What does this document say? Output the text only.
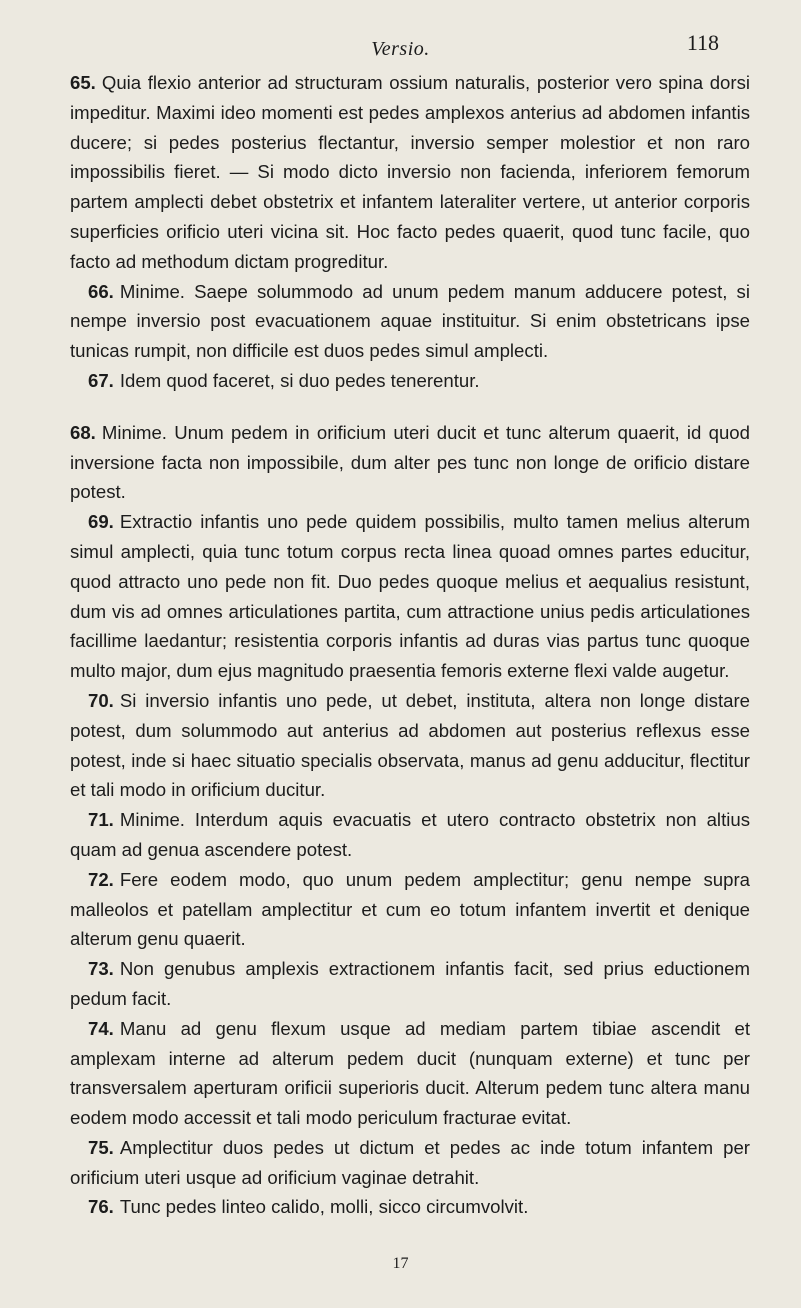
Versio.	118

65. Quia flexio anterior ad structuram ossium naturalis, posterior vero spina dorsi impeditur. Maximi ideo momenti est pedes amplexos anterius ad abdomen infantis ducere; si pedes posterius flectantur, inversio semper molestior et non raro impossibilis fieret. — Si modo dicto inversio non facienda, inferiorem femorum partem amplecti debet obstetrix et infantem lateraliter vertere, ut anterior corporis superficies orificio uteri vicina sit. Hoc facto pedes quaerit, quod tunc facile, quo facto ad methodum dictam progreditur.

66. Minime. Saepe solummodo ad unum pedem manum adducere potest, si nempe inversio post evacuationem aquae instituitur. Si enim obstetricans ipse tunicas rumpit, non difficile est duos pedes simul amplecti.

67. Idem quod faceret, si duo pedes tenerentur.

68. Minime. Unum pedem in orificium uteri ducit et tunc alterum quaerit, id quod inversione facta non impossibile, dum alter pes tunc non longe de orificio distare potest.

69. Extractio infantis uno pede quidem possibilis, multo tamen melius alterum simul amplecti, quia tunc totum corpus recta linea quoad omnes partes educitur, quod attracto uno pede non fit. Duo pedes quoque melius et aequalius resistunt, dum vis ad omnes articulationes partita, cum attractione unius pedis articulationes facillime laedantur; resistentia corporis infantis ad duras vias partus tunc quoque multo major, dum ejus magnitudo praesentia femoris externe flexi valde augetur.

70. Si inversio infantis uno pede, ut debet, instituta, altera non longe distare potest, dum solummodo aut anterius ad abdomen aut posterius reflexus esse potest, inde si haec situatio specialis observata, manus ad genu adducitur, flectitur et tali modo in orificium ducitur.

71. Minime. Interdum aquis evacuatis et utero contracto obstetrix non altius quam ad genua ascendere potest.

72. Fere eodem modo, quo unum pedem amplectitur; genu nempe supra malleolos et patellam amplectitur et cum eo totum infantem invertit et denique alterum genu quaerit.

73. Non genubus amplexis extractionem infantis facit, sed prius eductionem pedum facit.

74. Manu ad genu flexum usque ad mediam partem tibiae ascendit et amplexam interne ad alterum pedem ducit (nunquam externe) et tunc per transversalem aperturam orificii superioris ducit. Alterum pedem tunc altera manu eodem modo accessit et tali modo periculum fracturae evitat.

75. Amplectitur duos pedes ut dictum et pedes ac inde totum infantem per orificium uteri usque ad orificium vaginae detrahit.

76. Tunc pedes linteo calido, molli, sicco circumvolvit.

17
